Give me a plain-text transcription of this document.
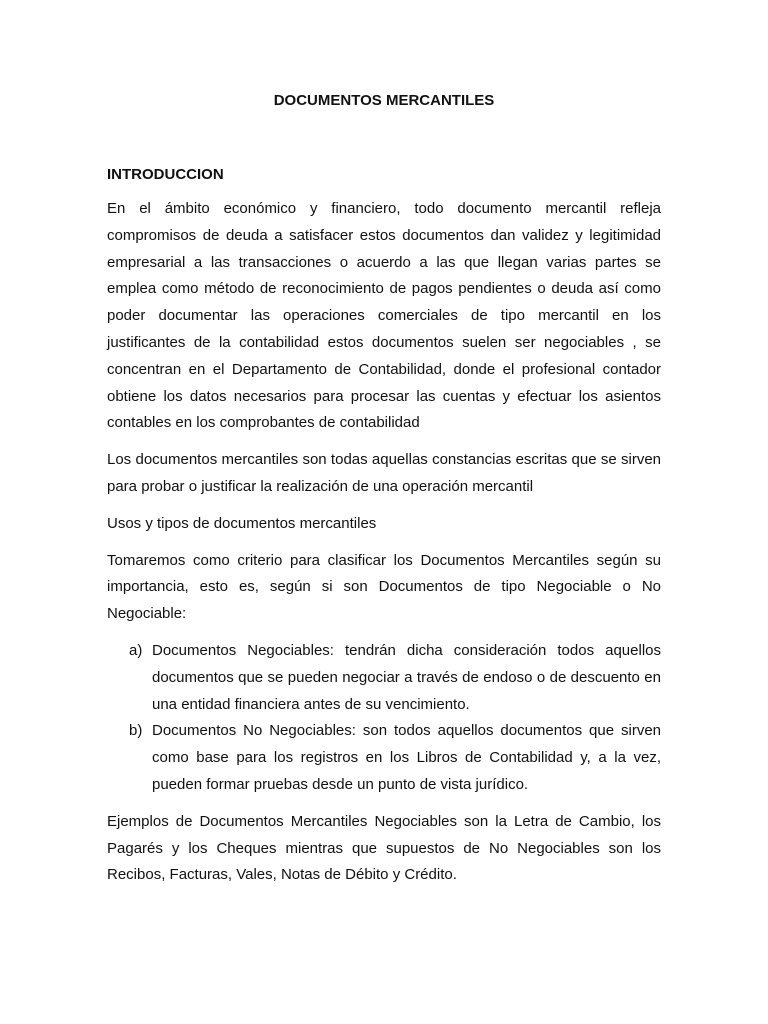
DOCUMENTOS MERCANTILES
INTRODUCCION

En el ámbito económico y financiero, todo documento mercantil refleja compromisos de deuda a satisfacer estos documentos dan validez y legitimidad empresarial a las transacciones o acuerdo a las que llegan varias partes se emplea como método de reconocimiento de pagos pendientes o deuda así como poder documentar las operaciones comerciales de tipo mercantil en los justificantes de la contabilidad estos documentos suelen ser negociables , se concentran en el Departamento de Contabilidad, donde el profesional contador obtiene los datos necesarios para procesar las cuentas y efectuar los asientos contables en los comprobantes de contabilidad

Los documentos mercantiles son todas aquellas constancias escritas que se sirven para probar o justificar la realización de una operación mercantil

Usos y tipos de documentos mercantiles

Tomaremos como criterio para clasificar los Documentos Mercantiles según su importancia, esto es, según si son Documentos de tipo Negociable o No Negociable:

a) Documentos Negociables: tendrán dicha consideración todos aquellos documentos que se pueden negociar a través de endoso o de descuento en una entidad financiera antes de su vencimiento.
b) Documentos No Negociables: son todos aquellos documentos que sirven como base para los registros en los Libros de Contabilidad y, a la vez, pueden formar pruebas desde un punto de vista jurídico.

Ejemplos de Documentos Mercantiles Negociables son la Letra de Cambio, los Pagarés y los Cheques mientras que supuestos de No Negociables son los Recibos, Facturas, Vales, Notas de Débito y Crédito.
